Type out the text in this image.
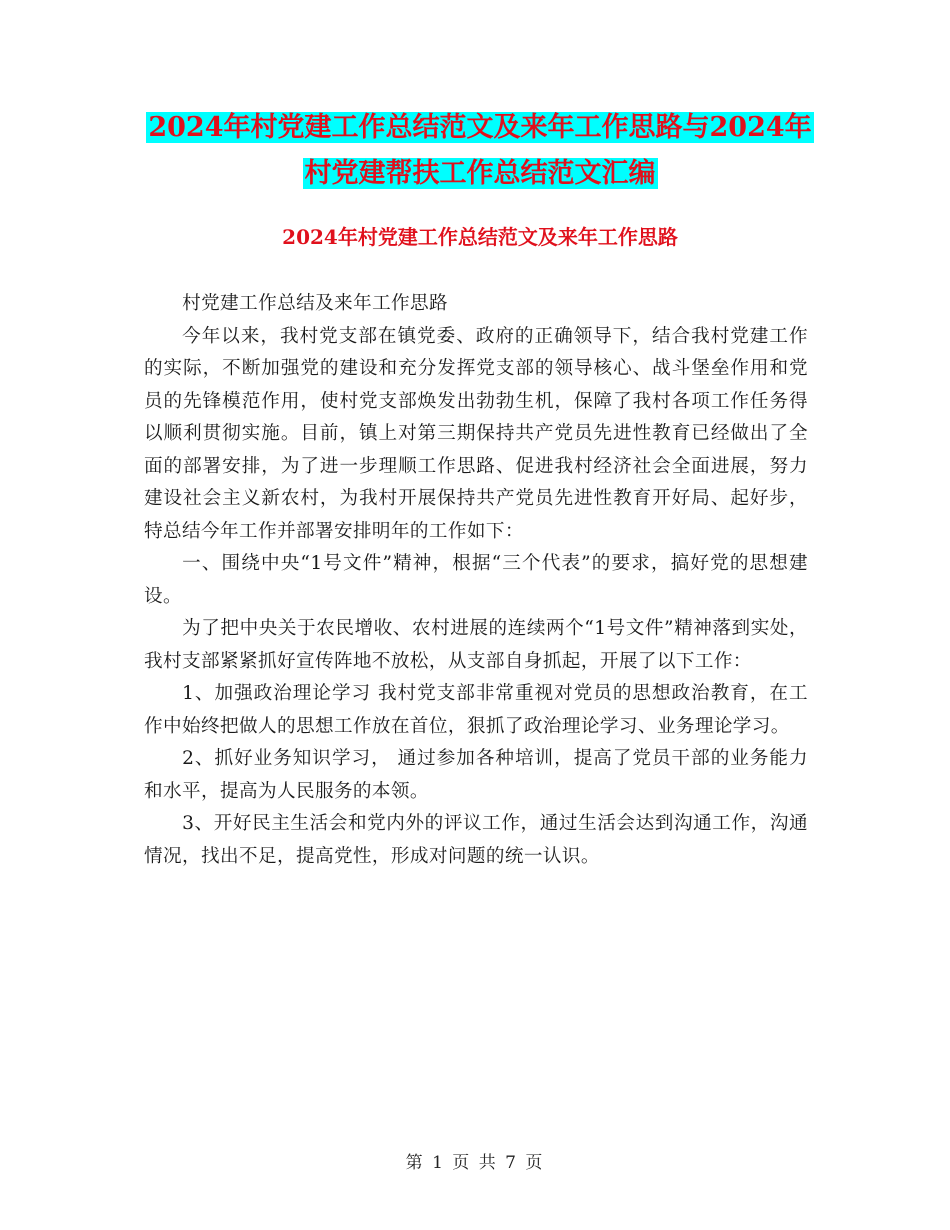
2024年村党建工作总结范文及来年工作思路与2024年
村党建帮扶工作总结范文汇编
2024年村党建工作总结范文及来年工作思路

村党建工作总结及来年工作思路

今年以来，我村党支部在镇党委、政府的正确领导下，结合我村党建工作的实际，不断加强党的建设和充分发挥党支部的领导核心、战斗堡垒作用和党员的先锋模范作用，使村党支部焕发出勃勃生机，保障了我村各项工作任务得以顺利贯彻实施。目前，镇上对第三期保持共产党员先进性教育已经做出了全面的部署安排，为了进一步理顺工作思路、促进我村经济社会全面进展，努力建设社会主义新农村，为我村开展保持共产党员先进性教育开好局、起好步，特总结今年工作并部署安排明年的工作如下：

一、围绕中央“1号文件”精神，根据“三个代表”的要求，搞好党的思想建设。

为了把中央关于农民增收、农村进展的连续两个“1号文件”精神落到实处，我村支部紧紧抓好宣传阵地不放松，从支部自身抓起，开展了以下工作：

1、加强政治理论学习 我村党支部非常重视对党员的思想政治教育，在工作中始终把做人的思想工作放在首位，狠抓了政治理论学习、业务理论学习。

2、抓好业务知识学习， 通过参加各种培训，提高了党员干部的业务能力和水平，提高为人民服务的本领。

3、开好民主生活会和党内外的评议工作，通过生活会达到沟通工作，沟通情况，找出不足，提高党性，形成对问题的统一认识。

第 1 页 共 7 页
